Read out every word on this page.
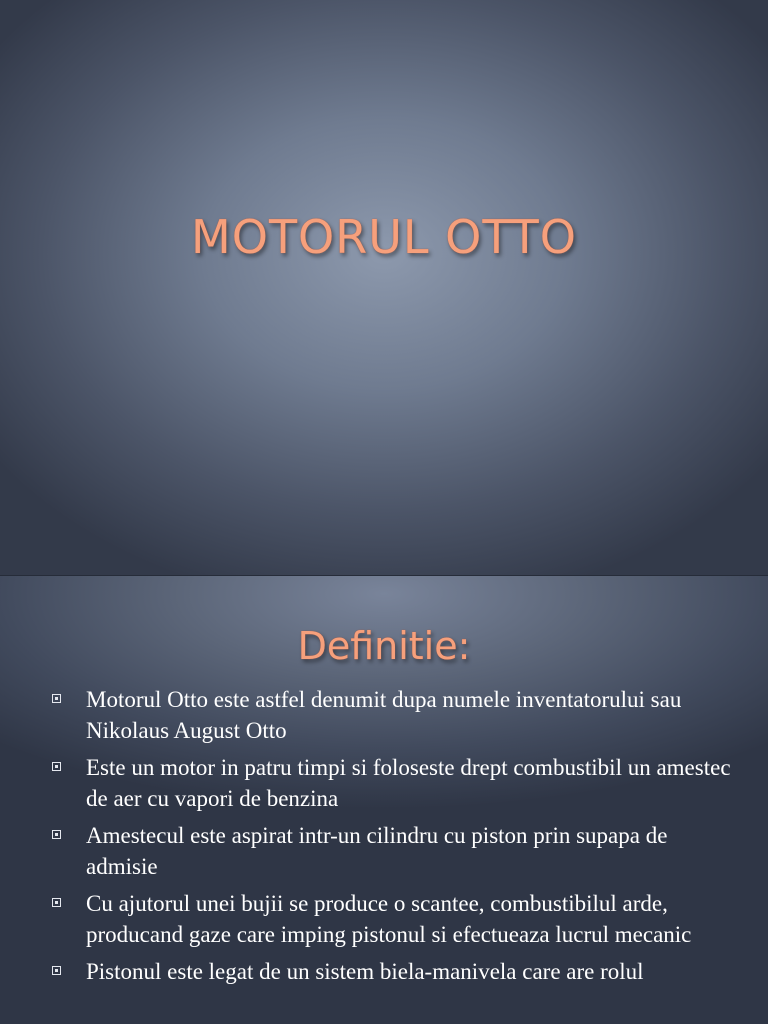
MOTORUL OTTO
Definitie:
Motorul Otto este astfel denumit dupa numele inventatorului sau Nikolaus August Otto
Este un motor in patru timpi si foloseste drept combustibil un amestec de aer cu vapori de benzina
Amestecul este aspirat intr-un cilindru cu piston prin supapa de admisie
Cu ajutorul unei bujii se produce o scantee, combustibilul arde, producand gaze care imping pistonul si efectueaza lucrul mecanic
Pistonul este legat de un sistem biela-manivela care are rolul
